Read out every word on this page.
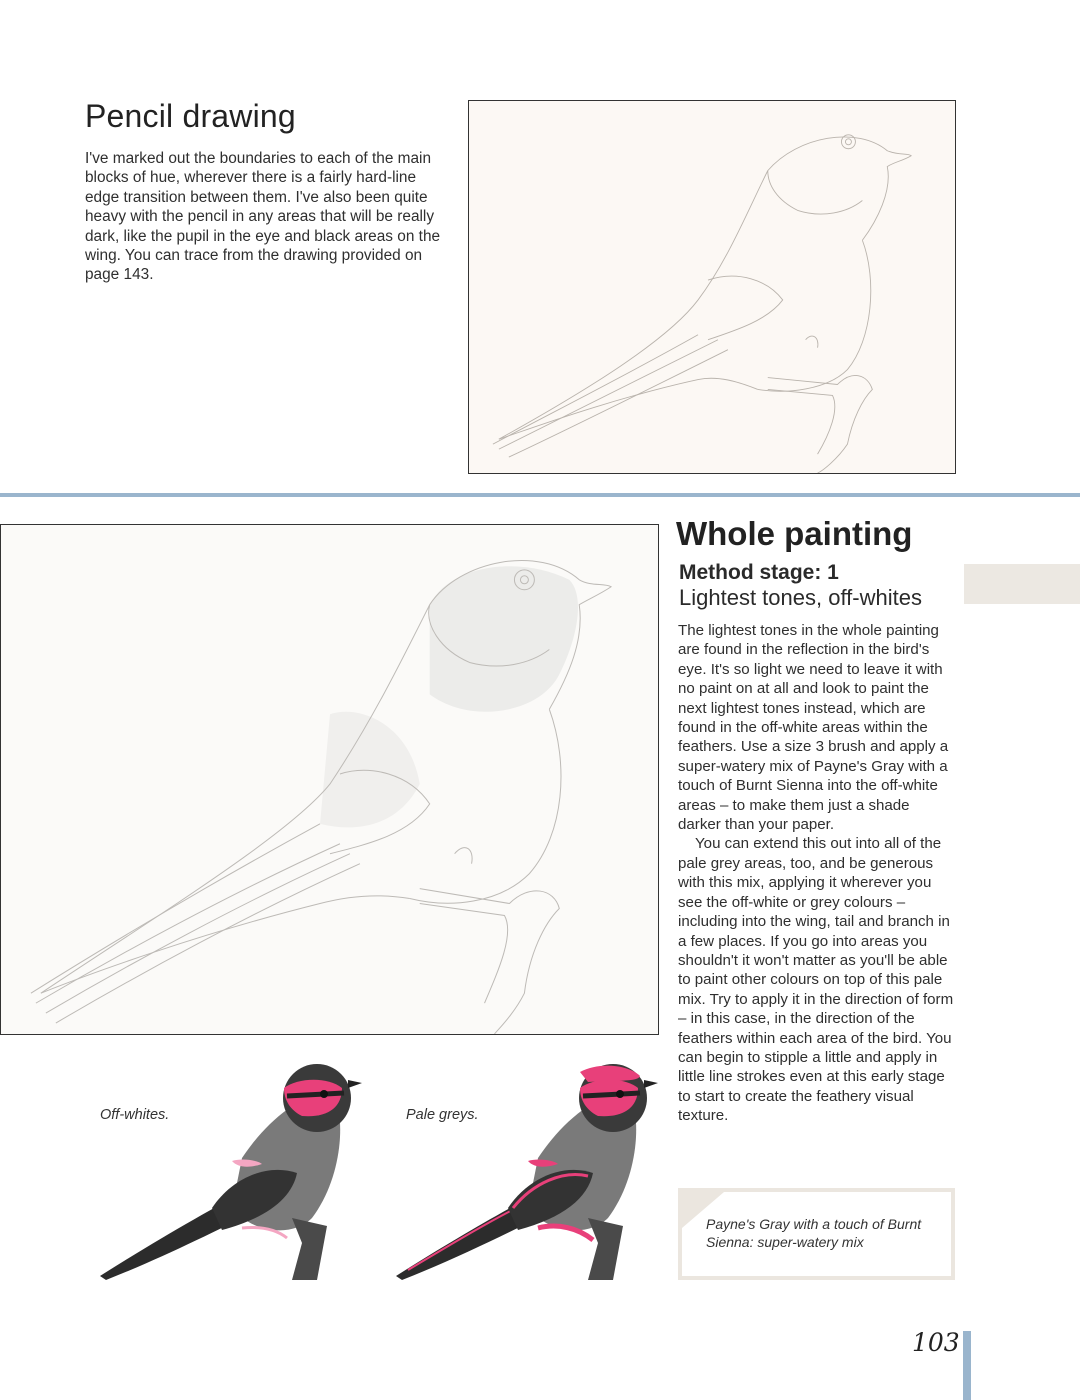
Pencil drawing

I've marked out the boundaries to each of the main blocks of hue, wherever there is a fairly hard-line edge transition between them. I've also been quite heavy with the pencil in any areas that will be really dark, like the pupil in the eye and black areas on the wing. You can trace from the drawing provided on page 143.

Whole painting
Method stage: 1
Lightest tones, off-whites

The lightest tones in the whole painting are found in the reflection in the bird's eye. It's so light we need to leave it with no paint on at all and look to paint the next lightest tones instead, which are found in the off-white areas within the feathers. Use a size 3 brush and apply a super-watery mix of Payne's Gray with a touch of Burnt Sienna into the off-white areas – to make them just a shade darker than your paper.

You can extend this out into all of the pale grey areas, too, and be generous with this mix, applying it wherever you see the off-white or grey colours – including into the wing, tail and branch in a few places. If you go into areas you shouldn't it won't matter as you'll be able to paint other colours on top of this pale mix. Try to apply it in the direction of form – in this case, in the direction of the feathers within each area of the bird. You can begin to stipple a little and apply in little line strokes even at this early stage to start to create the feathery visual texture.

Off-whites.	Pale greys.

Payne's Gray with a touch of Burnt Sienna: super-watery mix

103
